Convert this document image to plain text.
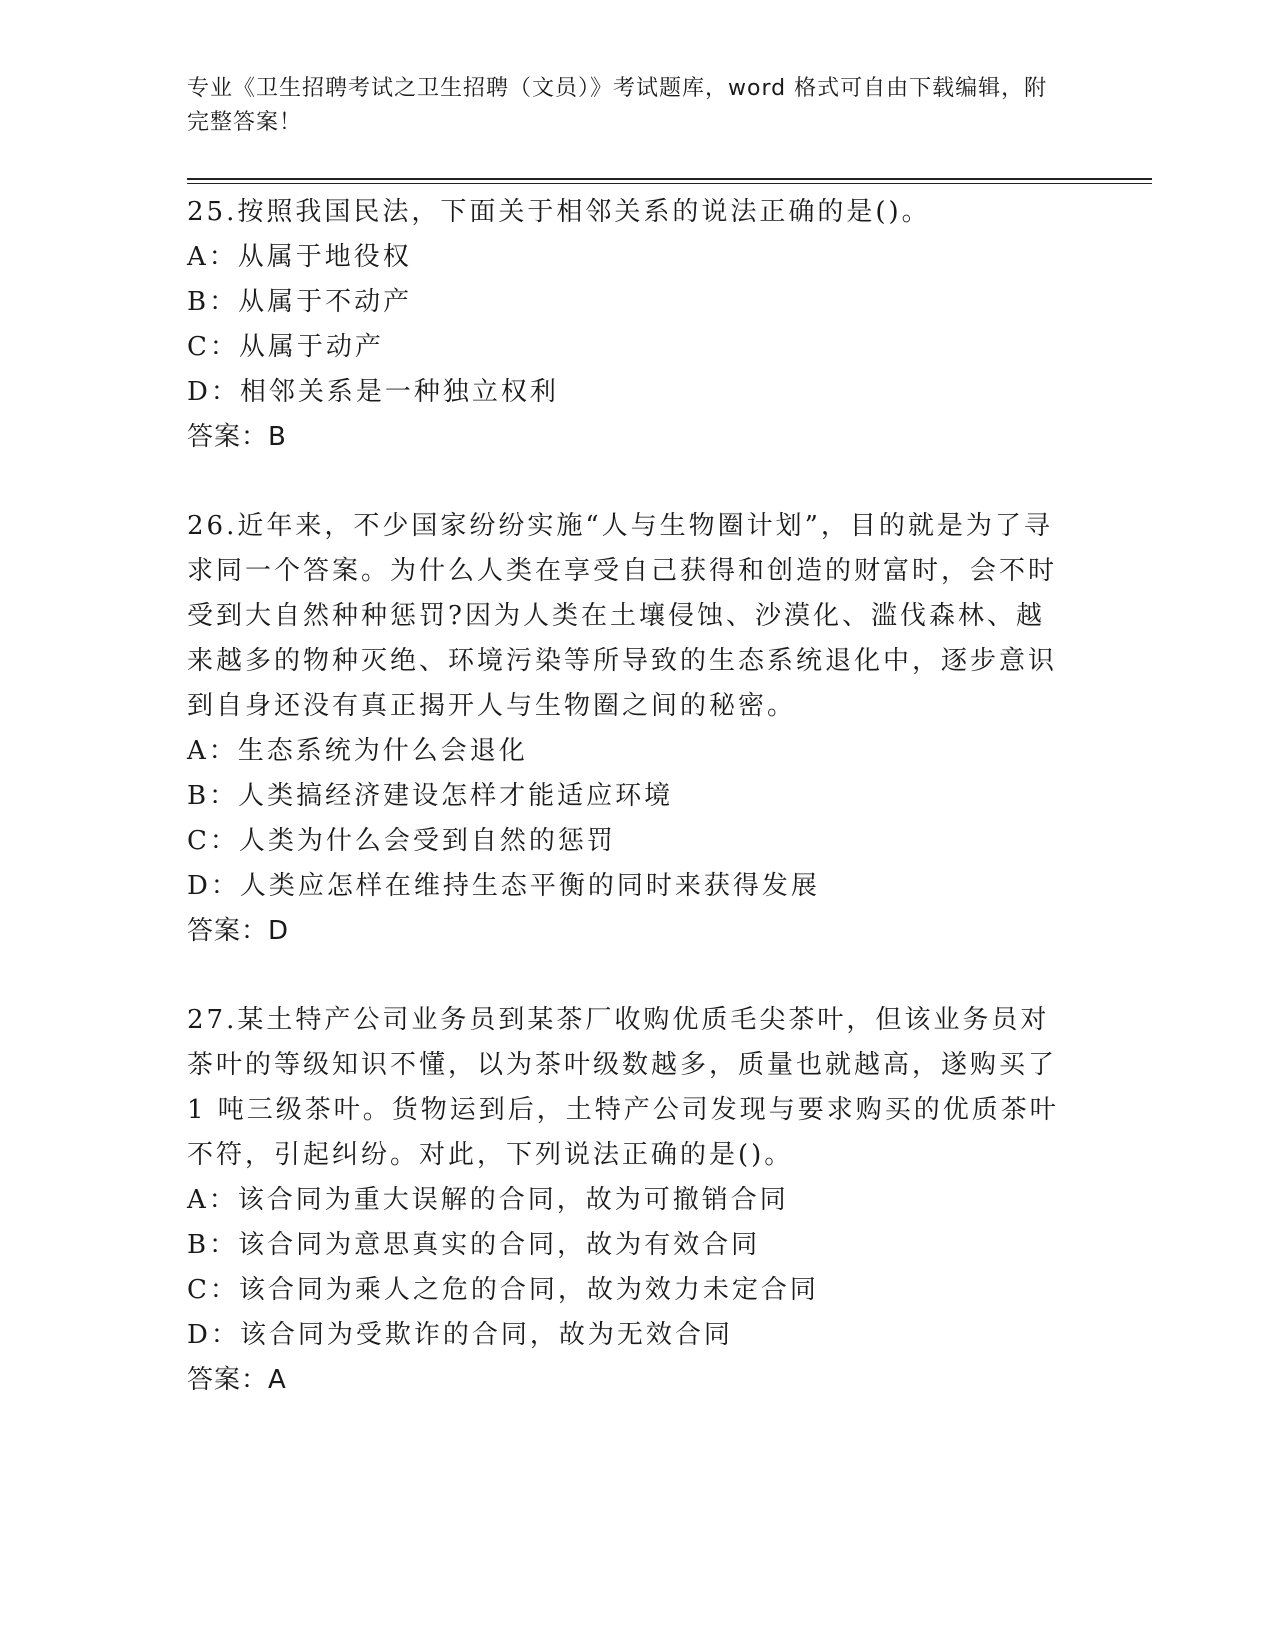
专业《卫生招聘考试之卫生招聘（文员）》考试题库，word 格式可自由下载编辑，附完整答案！

25.按照我国民法，下面关于相邻关系的说法正确的是()。

A：从属于地役权

B：从属于不动产

C：从属于动产

D：相邻关系是一种独立权利

答案：B

26.近年来，不少国家纷纷实施“人与生物圈计划”，目的就是为了寻求同一个答案。为什么人类在享受自己获得和创造的财富时，会不时受到大自然种种惩罚?因为人类在土壤侵蚀、沙漠化、滥伐森林、越来越多的物种灭绝、环境污染等所导致的生态系统退化中，逐步意识到自身还没有真正揭开人与生物圈之间的秘密。

A：生态系统为什么会退化

B：人类搞经济建设怎样才能适应环境

C：人类为什么会受到自然的惩罚

D：人类应怎样在维持生态平衡的同时来获得发展

答案：D

27.某土特产公司业务员到某茶厂收购优质毛尖茶叶，但该业务员对茶叶的等级知识不懂，以为茶叶级数越多，质量也就越高，遂购买了 1 吨三级茶叶。货物运到后，土特产公司发现与要求购买的优质茶叶不符，引起纠纷。对此，下列说法正确的是()。

A：该合同为重大误解的合同，故为可撤销合同

B：该合同为意思真实的合同，故为有效合同

C：该合同为乘人之危的合同，故为效力未定合同

D：该合同为受欺诈的合同，故为无效合同

答案：A
